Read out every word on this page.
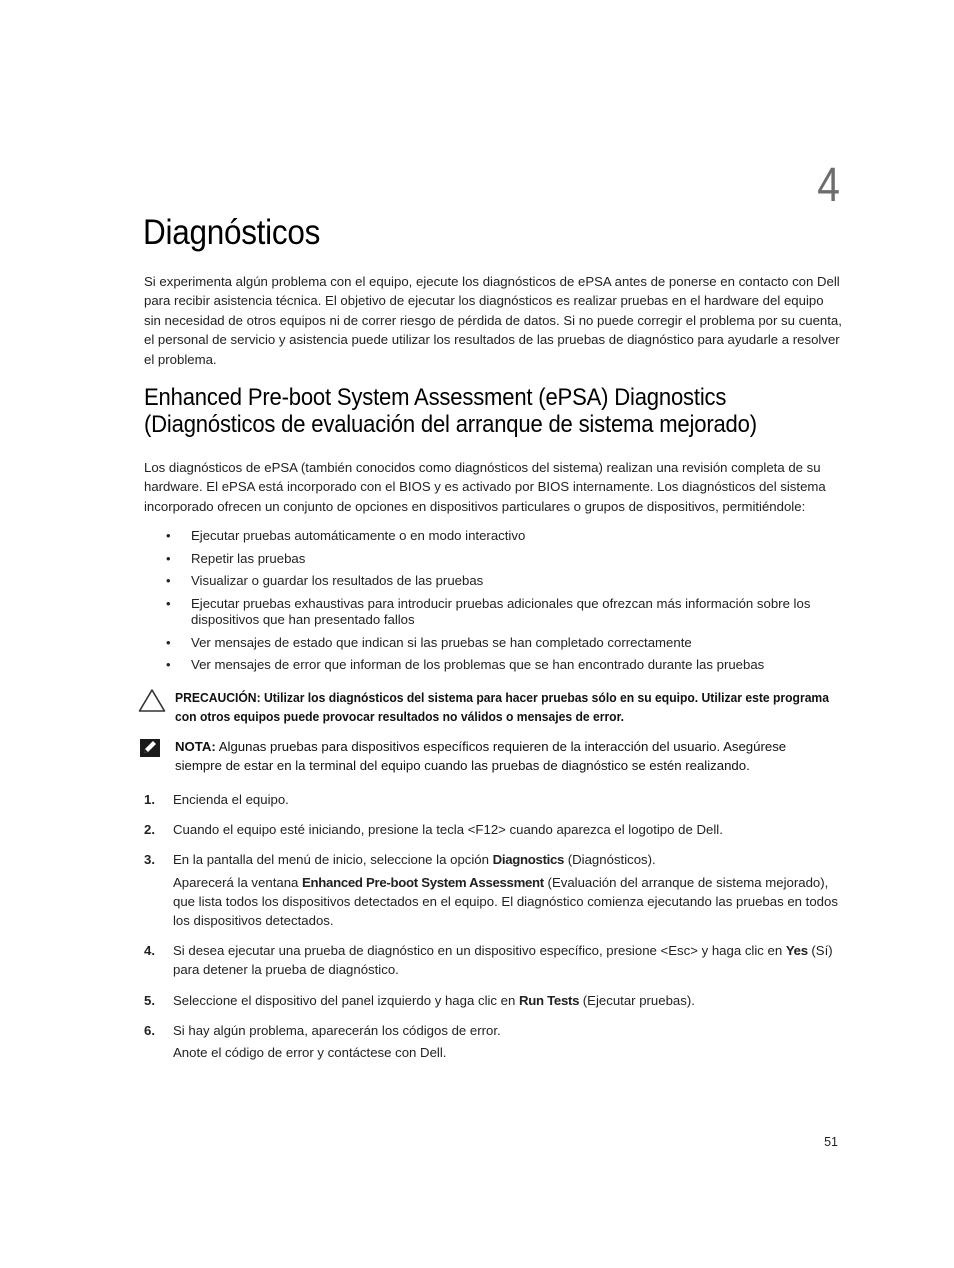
4
Diagnósticos

Si experimenta algún problema con el equipo, ejecute los diagnósticos de ePSA antes de ponerse en contacto con Dell para recibir asistencia técnica. El objetivo de ejecutar los diagnósticos es realizar pruebas en el hardware del equipo sin necesidad de otros equipos ni de correr riesgo de pérdida de datos. Si no puede corregir el problema por su cuenta, el personal de servicio y asistencia puede utilizar los resultados de las pruebas de diagnóstico para ayudarle a resolver el problema.

Enhanced Pre-boot System Assessment (ePSA) Diagnostics
(Diagnósticos de evaluación del arranque de sistema mejorado)

Los diagnósticos de ePSA (también conocidos como diagnósticos del sistema) realizan una revisión completa de su hardware. El ePSA está incorporado con el BIOS y es activado por BIOS internamente. Los diagnósticos del sistema incorporado ofrecen un conjunto de opciones en dispositivos particulares o grupos de dispositivos, permitiéndole:

• Ejecutar pruebas automáticamente o en modo interactivo
• Repetir las pruebas
• Visualizar o guardar los resultados de las pruebas
• Ejecutar pruebas exhaustivas para introducir pruebas adicionales que ofrezcan más información sobre los dispositivos que han presentado fallos
• Ver mensajes de estado que indican si las pruebas se han completado correctamente
• Ver mensajes de error que informan de los problemas que se han encontrado durante las pruebas
PRECAUCIÓN: Utilizar los diagnósticos del sistema para hacer pruebas sólo en su equipo. Utilizar este programa con otros equipos puede provocar resultados no válidos o mensajes de error.
NOTA: Algunas pruebas para dispositivos específicos requieren de la interacción del usuario. Asegúrese siempre de estar en la terminal del equipo cuando las pruebas de diagnóstico se estén realizando.
1. Encienda el equipo.

2. Cuando el equipo esté iniciando, presione la tecla <F12> cuando aparezca el logotipo de Dell.

3. En la pantalla del menú de inicio, seleccione la opción Diagnostics (Diagnósticos).

Aparecerá la ventana Enhanced Pre-boot System Assessment (Evaluación del arranque de sistema mejorado), que lista todos los dispositivos detectados en el equipo. El diagnóstico comienza ejecutando las pruebas en todos los dispositivos detectados.

4. Si desea ejecutar una prueba de diagnóstico en un dispositivo específico, presione <Esc> y haga clic en Yes (Sí) para detener la prueba de diagnóstico.

5. Seleccione el dispositivo del panel izquierdo y haga clic en Run Tests (Ejecutar pruebas).

6. Si hay algún problema, aparecerán los códigos de error.

Anote el código de error y contáctese con Dell.

51
